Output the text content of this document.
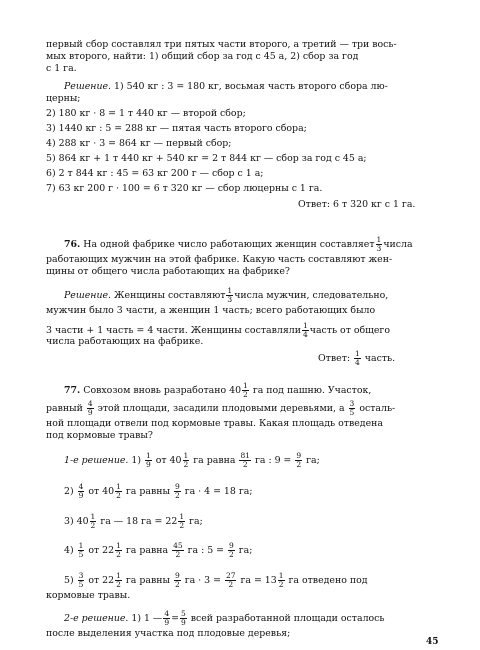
первый сбор составлял три пятых части второго, а третий — три вось-
мых второго, найти: 1) общий сбор за год с 45 а, 2) сбор за год
с 1 га.
Решение. 1) 540 кг : 3 = 180 кг, восьмая часть второго сбора лю-
церны;
2) 180 кг · 8 = 1 т 440 кг — второй сбор;
3) 1440 кг : 5 = 288 кг — пятая часть второго сбора;
4) 288 кг · 3 = 864 кг — первый сбор;
5) 864 кг + 1 т 440 кг + 540 кг = 2 т 844 кг — сбор за год с 45 а;
6) 2 т 844 кг : 45 = 63 кг 200 г — сбор с 1 а;
7) 63 кг 200 г · 100 = 6 т 320 кг — сбор люцерны с 1 га.
Ответ: 6 т 320 кг с 1 га.
76. На одной фабрике число работающих женщин составляет $\frac{1}{3}$ числа
работающих мужчин на этой фабрике. Какую часть составляют жен-
щины от общего числа работающих на фабрике?
Решение. Женщины составляют $\frac{1}{3}$ числа мужчин, следовательно,
мужчин было 3 части, а женщин 1 часть; всего работающих было
3 части + 1 часть = 4 части. Женщины составляли $\frac{1}{4}$ часть от общего
числа работающих на фабрике.
Ответ: $\frac{1}{4}$ часть.
77. Совхозом вновь разработано $40 \frac{1}{2}$ га под пашню. Участок,
равный $\frac{4}{9}$ этой площади, засадили плодовыми деревьями, а $\frac{3}{5}$ осталь-
ной площади отвели под кормовые травы. Какая площадь отведена
под кормовые травы?
1-е решение. $1) \frac{1}{9}$ от $40 \frac{1}{2}$ га равна $\frac{81}{2}$ га : $9 = \frac{9}{2}$ га;
$2) \frac{4}{9}$ от $40 \frac{1}{2}$ га равны $\frac{9}{2}$ га · 4 = 18 га;
3) $40 \frac{1}{2}$ га — 18 га = $22 \frac{1}{2}$ га;
$4) \frac{1}{5}$ от $22 \frac{1}{2}$ га равна $\frac{45}{2}$ га : $5 = \frac{9}{2}$ га;
$5) \frac{3}{5}$ от $22 \frac{1}{2}$ га равны $\frac{9}{2}$ га · $3 = \frac{27}{2}$ га = $13 \frac{1}{2}$ га отведено под
кормовые травы.
2-е решение. 1) 1 — $\frac{4}{9} = \frac{5}{9}$ всей разработанной площади осталось
после выделения участка под плодовые деревья;
45
